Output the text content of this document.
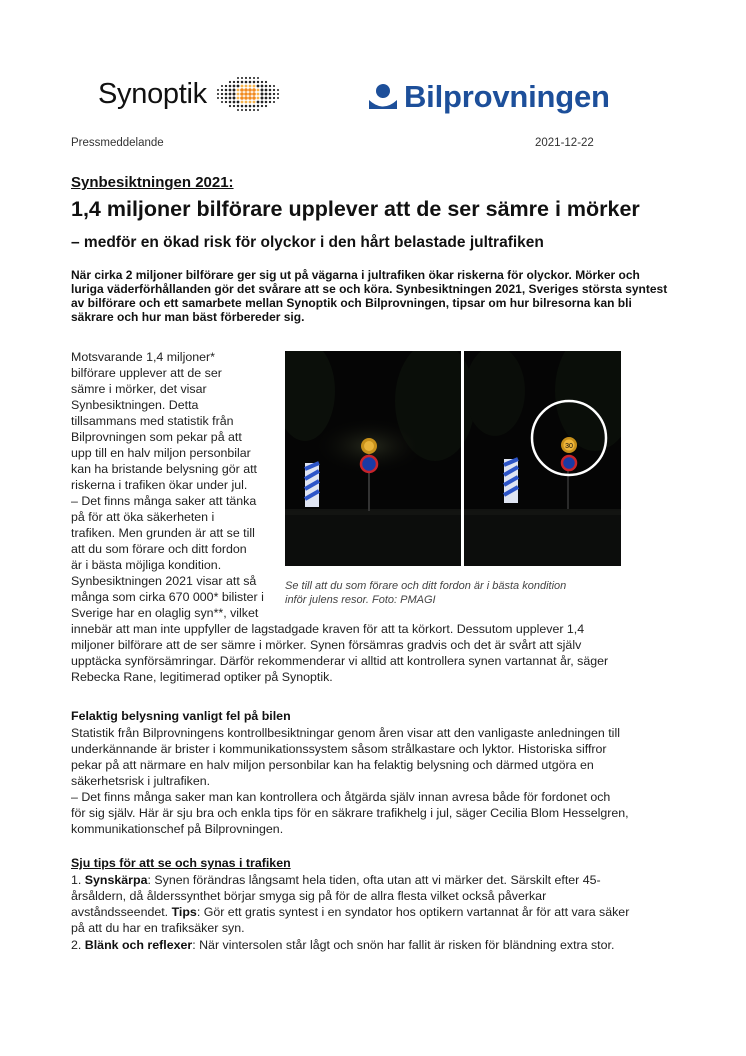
Synoptik	Bilprovningen
Pressmeddelande	2021-12-22
Synbesiktningen 2021:
1,4 miljoner bilförare upplever att de ser sämre i mörker
– medför en ökad risk för olyckor i den hårt belastade jultrafiken
När cirka 2 miljoner bilförare ger sig ut på vägarna i jultrafiken ökar riskerna för olyckor. Mörker och luriga väderförhållanden gör det svårare att se och köra. Synbesiktningen 2021, Sveriges största syntest av bilförare och ett samarbete mellan Synoptik och Bilprovningen, tipsar om hur bilresorna kan bli säkrare och hur man bäst förbereder sig.
Motsvarande 1,4 miljoner*
bilförare upplever att de ser
sämre i mörker, det visar
Synbesiktningen. Detta
tillsammans med statistik från
Bilprovningen som pekar på att
upp till en halv miljon personbilar
kan ha bristande belysning gör att
riskerna i trafiken ökar under jul.
– Det finns många saker att tänka
på för att öka säkerheten i
trafiken. Men grunden är att se till
att du som förare och ditt fordon
är i bästa möjliga kondition.
Synbesiktningen 2021 visar att så
många som cirka 670 000* bilister i
Sverige har en olaglig syn**, vilket
innebär att man inte uppfyller de lagstadgade kraven för att ta körkort. Dessutom upplever 1,4
miljoner bilförare att de ser sämre i mörker. Synen försämras gradvis och det är svårt att själv
upptäcka synförsämringar. Därför rekommenderar vi alltid att kontrollera synen vartannat år, säger
Rebecka Rane, legitimerad optiker på Synoptik.
30
Se till att du som förare och ditt fordon är i bästa kondition
inför julens resor. Foto: PMAGI
Felaktig belysning vanligt fel på bilen
Statistik från Bilprovningens kontrollbesiktningar genom åren visar att den vanligaste anledningen till
underkännande är brister i kommunikationssystem såsom strålkastare och lyktor. Historiska siffror
pekar på att närmare en halv miljon personbilar kan ha felaktig belysning och därmed utgöra en
säkerhetsrisk i jultrafiken.
– Det finns många saker man kan kontrollera och åtgärda själv innan avresa både för fordonet och
för sig själv. Här är sju bra och enkla tips för en säkrare trafikhelg i jul, säger Cecilia Blom Hesselgren,
kommunikationschef på Bilprovningen.
Sju tips för att se och synas i trafiken
1. Synskärpa: Synen förändras långsamt hela tiden, ofta utan att vi märker det. Särskilt efter 45-
årsåldern, då ålderssynthet börjar smyga sig på för de allra flesta vilket också påverkar
avståndsseendet. Tips: Gör ett gratis syntest i en syndator hos optikern vartannat år för att vara säker
på att du har en trafiksäker syn.
2. Blänk och reflexer: När vintersolen står lågt och snön har fallit är risken för bländning extra stor.
